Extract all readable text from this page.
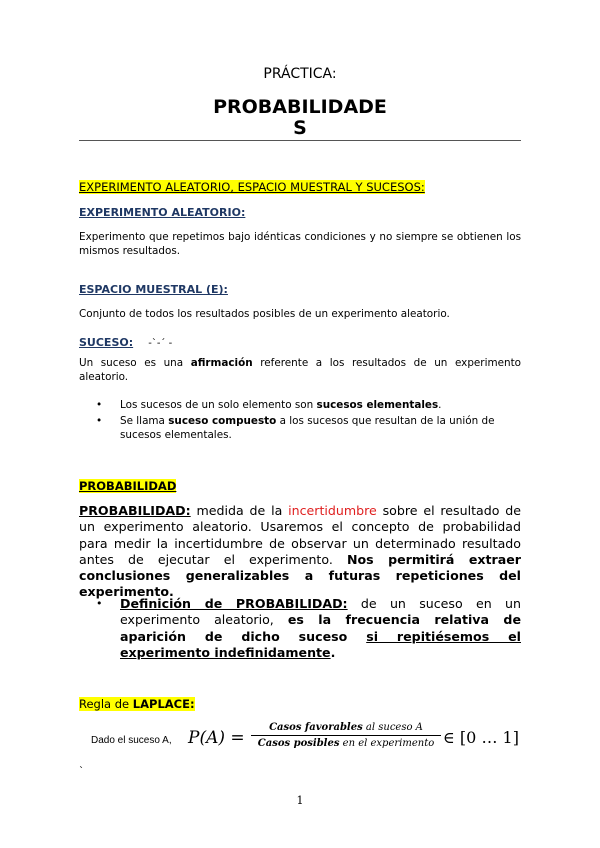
PRÁCTICA:
PROBABILIDADE
S
EXPERIMENTO ALEATORIO, ESPACIO MUESTRAL Y SUCESOS:
EXPERIMENTO ALEATORIO:
Experimento que repetimos bajo idénticas condiciones y no siempre se obtienen los mismos resultados.
ESPACIO MUESTRAL (E):
Conjunto de todos los resultados posibles de un experimento aleatorio.
SUCESO: -`-´ -
Un suceso es una afirmación referente a los resultados de un experimento aleatorio.
• Los sucesos de un solo elemento son sucesos elementales.
• Se llama suceso compuesto a los sucesos que resultan de la unión de sucesos elementales.
PROBABILIDAD
PROBABILIDAD: medida de la incertidumbre sobre el resultado de un experimento aleatorio. Usaremos el concepto de probabilidad para medir la incertidumbre de observar un determinado resultado antes de ejecutar el experimento. Nos permitirá extraer conclusiones generalizables a futuras repeticiones del experimento.
• Definición de PROBABILIDAD: de un suceso en un experimento aleatorio, es la frecuencia relativa de aparición de dicho suceso si repitiésemos el experimento indefinidamente.
Regla de LAPLACE:
Dado el suceso A, P(A) =
Casos favorables al suceso A
Casos posibles en el experimento ∈ [0 … 1]
`
1
